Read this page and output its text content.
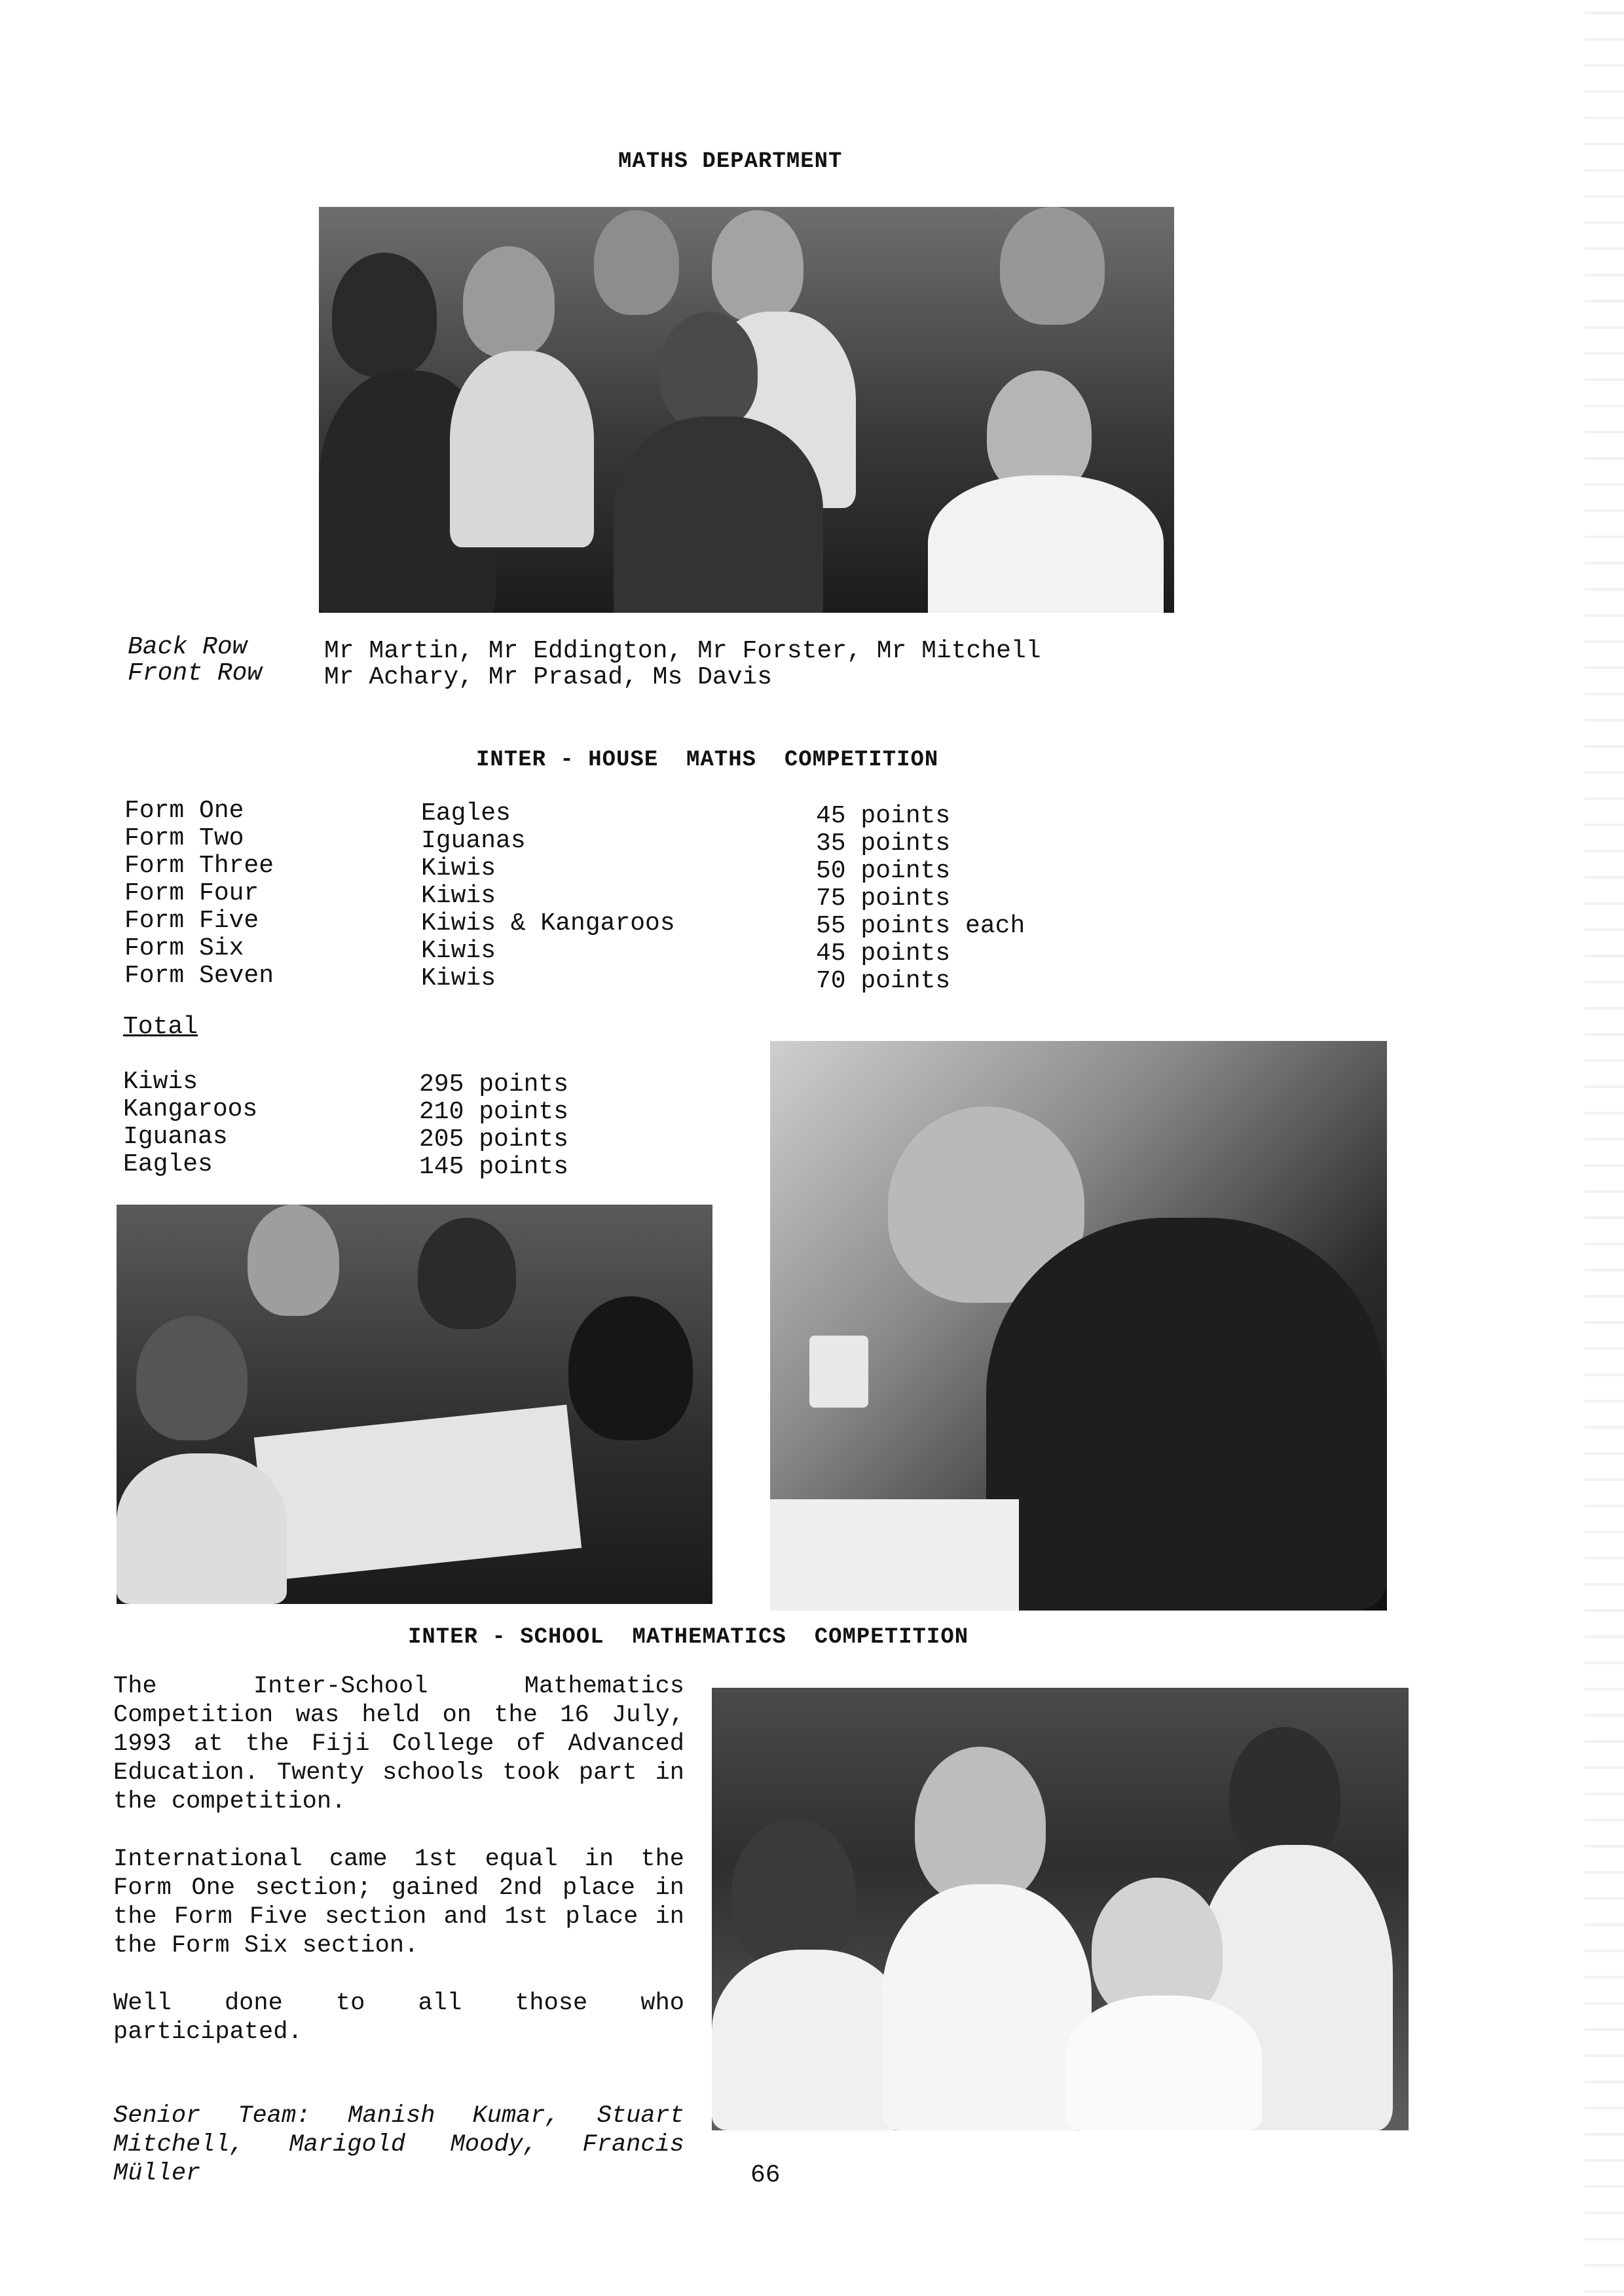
MATHS DEPARTMENT
Back Row	Mr Martin, Mr Eddington, Mr Forster, Mr Mitchell
Front Row Mr Achary, Mr Prasad, Ms Davis
INTER - HOUSE  MATHS  COMPETITION
Form One
Form Two
Form Three
Form Four
Form Five
Form Six
Form Seven
Eagles
Iguanas
Kiwis
Kiwis
Kiwis & Kangaroos
Kiwis
Kiwis
45 points
35 points
50 points
75 points
55 points each
45 points
70 points
Total
Kiwis
Kangaroos
Iguanas
Eagles
295 points
210 points
205 points
145 points
INTER - SCHOOL  MATHEMATICS  COMPETITION
The Inter-School Mathematics Competition was held on the 16 July, 1993 at the Fiji College of Advanced Education. Twenty schools took part in the competition.
International came 1st equal in the Form One section; gained 2nd place in the Form Five section and 1st place in the Form Six section.
Well done to all those who participated.
Senior Team: Manish Kumar, Stuart Mitchell, Marigold Moody, Francis Müller	66
